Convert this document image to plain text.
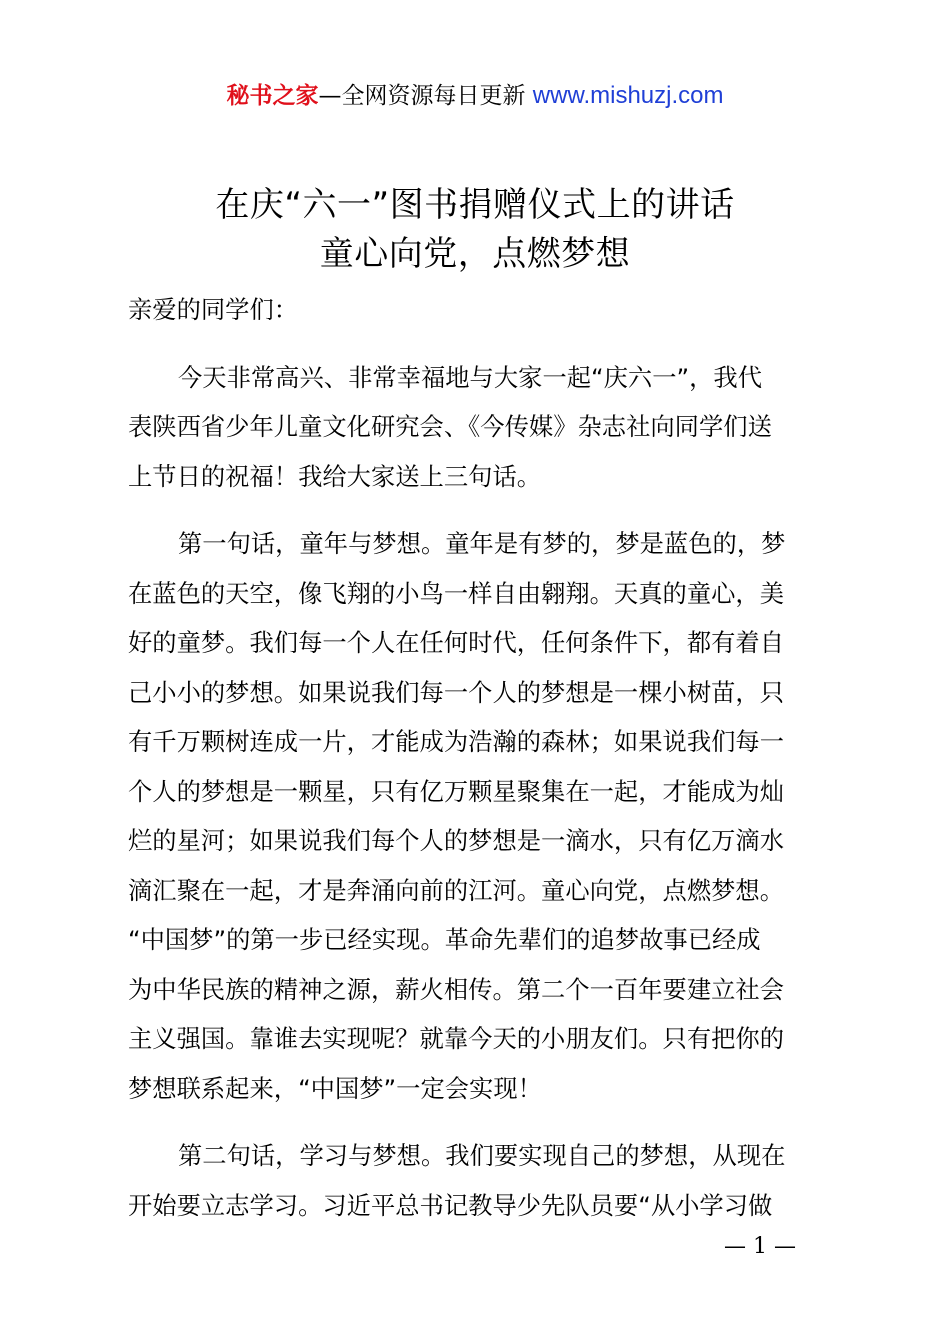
秘书之家—全网资源每日更新 www.mishuzj.com
在庆“六一”图书捐赠仪式上的讲话
童心向党，点燃梦想
亲爱的同学们：
今天非常高兴、非常幸福地与大家一起“庆六一”，我代
表陕西省少年儿童文化研究会、《今传媒》杂志社向同学们送
上节日的祝福！我给大家送上三句话。
第一句话，童年与梦想。童年是有梦的，梦是蓝色的，梦
在蓝色的天空，像飞翔的小鸟一样自由翱翔。天真的童心，美
好的童梦。我们每一个人在任何时代，任何条件下，都有着自
己小小的梦想。如果说我们每一个人的梦想是一棵小树苗，只
有千万颗树连成一片，才能成为浩瀚的森林；如果说我们每一
个人的梦想是一颗星，只有亿万颗星聚集在一起，才能成为灿
烂的星河；如果说我们每个人的梦想是一滴水，只有亿万滴水
滴汇聚在一起，才是奔涌向前的江河。童心向党，点燃梦想。
“中国梦”的第一步已经实现。革命先辈们的追梦故事已经成
为中华民族的精神之源，薪火相传。第二个一百年要建立社会
主义强国。靠谁去实现呢？就靠今天的小朋友们。只有把你的
梦想联系起来，“中国梦”一定会实现！
第二句话，学习与梦想。我们要实现自己的梦想，从现在
开始要立志学习。习近平总书记教导少先队员要“从小学习做
— 1 —
